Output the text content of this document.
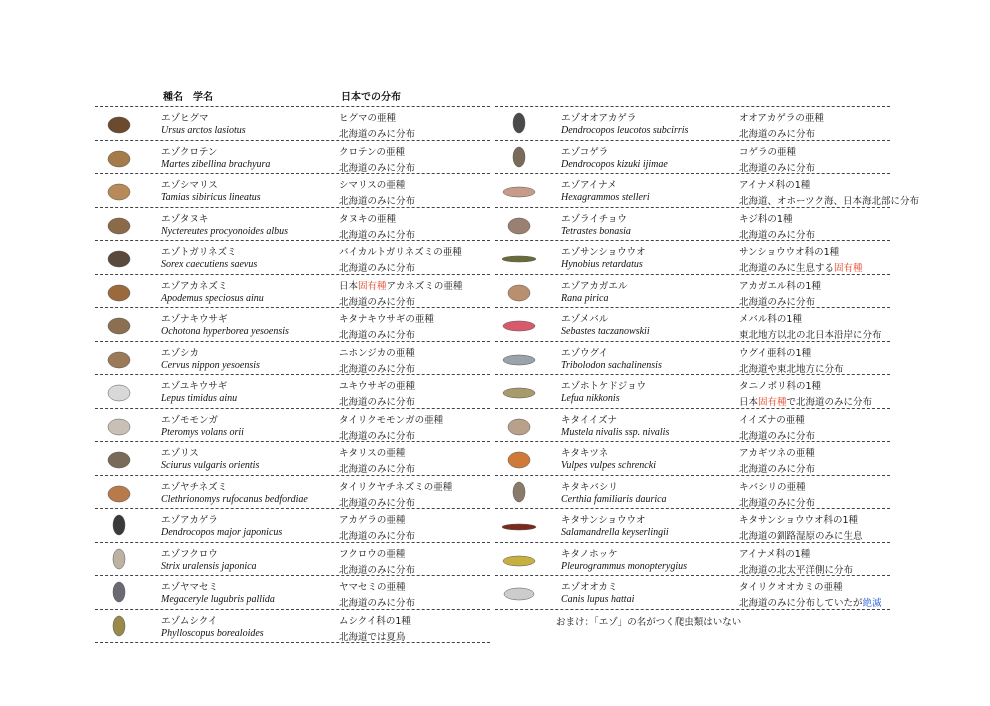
種名　学名	日本での分布
エゾヒグマ
Ursus arctos lasiotus
ヒグマの亜種
北海道のみに分布
エゾクロテン
Martes zibellina brachyura
クロテンの亜種
北海道のみに分布
エゾシマリス
Tamias sibiricus lineatus
シマリスの亜種
北海道のみに分布
エゾタヌキ
Nyctereutes procyonoides albus
タヌキの亜種
北海道のみに分布
エゾトガリネズミ
Sorex caecutiens saevus
バイカルトガリネズミの亜種
北海道のみに分布
エゾアカネズミ
Apodemus speciosus ainu
日本固有種アカネズミの亜種
北海道のみに分布
エゾナキウサギ
Ochotona hyperborea yesoensis
キタナキウサギの亜種
北海道のみに分布
エゾシカ
Cervus nippon yesoensis
ニホンジカの亜種
北海道のみに分布
エゾユキウサギ
Lepus timidus ainu
ユキウサギの亜種
北海道のみに分布
エゾモモンガ
Pteromys volans orii
タイリクモモンガの亜種
北海道のみに分布
エゾリス
Sciurus vulgaris orientis
キタリスの亜種
北海道のみに分布
エゾヤチネズミ
Clethrionomys rufocanus bedfordiae
タイリクヤチネズミの亜種
北海道のみに分布
エゾアカゲラ
Dendrocopos major japonicus
アカゲラの亜種
北海道のみに分布
エゾフクロウ
Strix uralensis japonica
フクロウの亜種
北海道のみに分布
エゾヤマセミ
Megaceryle lugubris pallida
ヤマセミの亜種
北海道のみに分布
エゾムシクイ
Phylloscopus borealoides
ムシクイ科の1種
北海道では夏鳥
エゾオオアカゲラ
Dendrocopos leucotos subcirris
オオアカゲラの亜種
北海道のみに分布
エゾコゲラ
Dendrocopos kizuki ijimae
コゲラの亜種
北海道のみに分布
エゾアイナメ
Hexagrammos stelleri
アイナメ科の1種
北海道、オホーツク海、日本海北部に分布
エゾライチョウ
Tetrastes bonasia
キジ科の1種
北海道のみに分布
エゾサンショウウオ
Hynobius retardatus
サンショウウオ科の1種
北海道のみに生息する固有種
エゾアカガエル
Rana pirica
アカガエル科の1種
北海道のみに分布
エゾメバル
Sebastes taczanowskii
メバル科の1種
東北地方以北の北日本沿岸に分布
エゾウグイ
Tribolodon sachalinensis
ウグイ亜科の1種
北海道や東北地方に分布
エゾホトケドジョウ
Lefua nikkonis
タニノボリ科の1種
日本固有種で北海道のみに分布
キタイイズナ
Mustela nivalis ssp. nivalis
イイズナの亜種
北海道のみに分布
キタキツネ
Vulpes vulpes schrencki
アカギツネの亜種
北海道のみに分布
キタキバシリ
Certhia familiaris daurica
キバシリの亜種
北海道のみに分布
キタサンショウウオ
Salamandrella keyserlingii
キタサンショウウオ科の1種
北海道の釧路湿原のみに生息
キタノホッケ
Pleurogrammus monopterygius
アイナメ科の1種
北海道の北太平洋側に分布
エゾオオカミ
Canis lupus hattai
タイリクオオカミの亜種
北海道のみに分布していたが絶滅
おまけ：「エゾ」の名がつく爬虫類はいない
